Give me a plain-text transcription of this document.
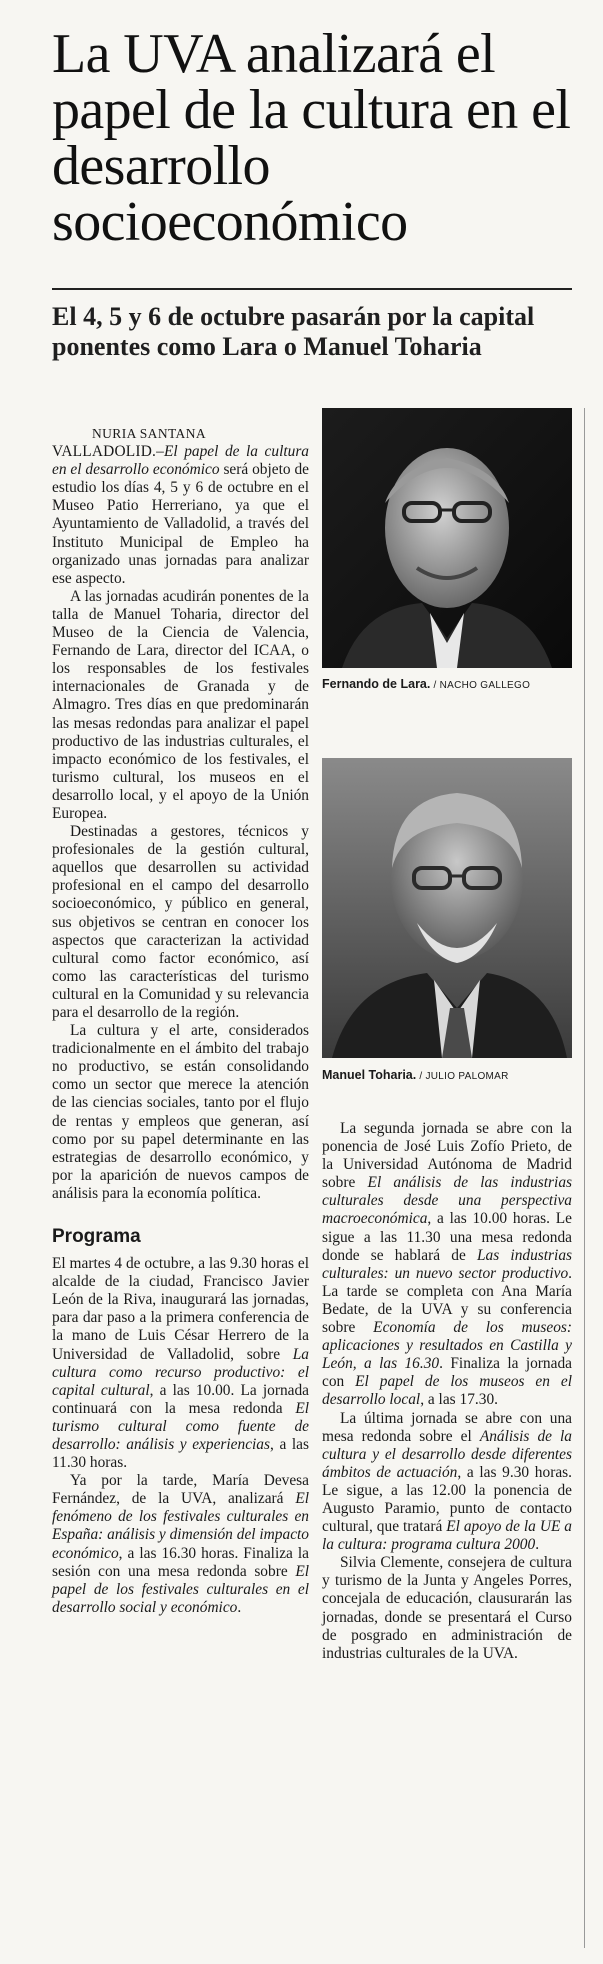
La UVA analizará el papel de la cultura en el desarrollo socioeconómico
El 4, 5 y 6 de octubre pasarán por la capital ponentes como Lara o Manuel Toharia

NURIA SANTANA

VALLADOLID.–El papel de la cultura en el desarrollo económico será objeto de estudio los días 4, 5 y 6 de octubre en el Museo Patio Herreriano, ya que el Ayuntamiento de Valladolid, a través del Instituto Municipal de Empleo ha organizado unas jornadas para analizar ese aspecto.

A las jornadas acudirán ponentes de la talla de Manuel Toharia, director del Museo de la Ciencia de Valencia, Fernando de Lara, director del ICAA, o los responsables de los festivales internacionales de Granada y de Almagro. Tres días en que predominarán las mesas redondas para analizar el papel productivo de las industrias culturales, el impacto económico de los festivales, el turismo cultural, los museos en el desarrollo local, y el apoyo de la Unión Europea.

Destinadas a gestores, técnicos y profesionales de la gestión cultural, aquellos que desarrollen su actividad profesional en el campo del desarrollo socioeconómico, y público en general, sus objetivos se centran en conocer los aspectos que caracterizan la actividad cultural como factor económico, así como las características del turismo cultural en la Comunidad y su relevancia para el desarrollo de la región.

La cultura y el arte, considerados tradicionalmente en el ámbito del trabajo no productivo, se están consolidando como un sector que merece la atención de las ciencias sociales, tanto por el flujo de rentas y empleos que generan, así como por su papel determinante en las estrategias de desarrollo económico, y por la aparición de nuevos campos de análisis para la economía política.

Programa

El martes 4 de octubre, a las 9.30 horas el alcalde de la ciudad, Francisco Javier León de la Riva, inaugurará las jornadas, para dar paso a la primera conferencia de la mano de Luis César Herrero de la Universidad de Valladolid, sobre La cultura como recurso productivo: el capital cultural, a las 10.00. La jornada continuará con la mesa redonda El turismo cultural como fuente de desarrollo: análisis y experiencias, a las 11.30 horas.

Ya por la tarde, María Devesa Fernández, de la UVA, analizará El fenómeno de los festivales culturales en España: análisis y dimensión del impacto económico, a las 16.30 horas. Finaliza la sesión con una mesa redonda sobre El papel de los festivales culturales en el desarrollo social y económico.

Fernando de Lara. / NACHO GALLEGO
Manuel Toharia. / JULIO PALOMAR

La segunda jornada se abre con la ponencia de José Luis Zofío Prieto, de la Universidad Autónoma de Madrid sobre El análisis de las industrias culturales desde una perspectiva macroeconómica, a las 10.00 horas. Le sigue a las 11.30 una mesa redonda donde se hablará de Las industrias culturales: un nuevo sector productivo. La tarde se completa con Ana María Bedate, de la UVA y su conferencia sobre Economía de los museos: aplicaciones y resultados en Castilla y León, a las 16.30. Finaliza la jornada con El papel de los museos en el desarrollo local, a las 17.30.

La última jornada se abre con una mesa redonda sobre el Análisis de la cultura y el desarrollo desde diferentes ámbitos de actuación, a las 9.30 horas. Le sigue, a las 12.00 la ponencia de Augusto Paramio, punto de contacto cultural, que tratará El apoyo de la UE a la cultura: programa cultura 2000.

Silvia Clemente, consejera de cultura y turismo de la Junta y Angeles Porres, concejala de educación, clausurarán las jornadas, donde se presentará el Curso de posgrado en administración de industrias culturales de la UVA.
